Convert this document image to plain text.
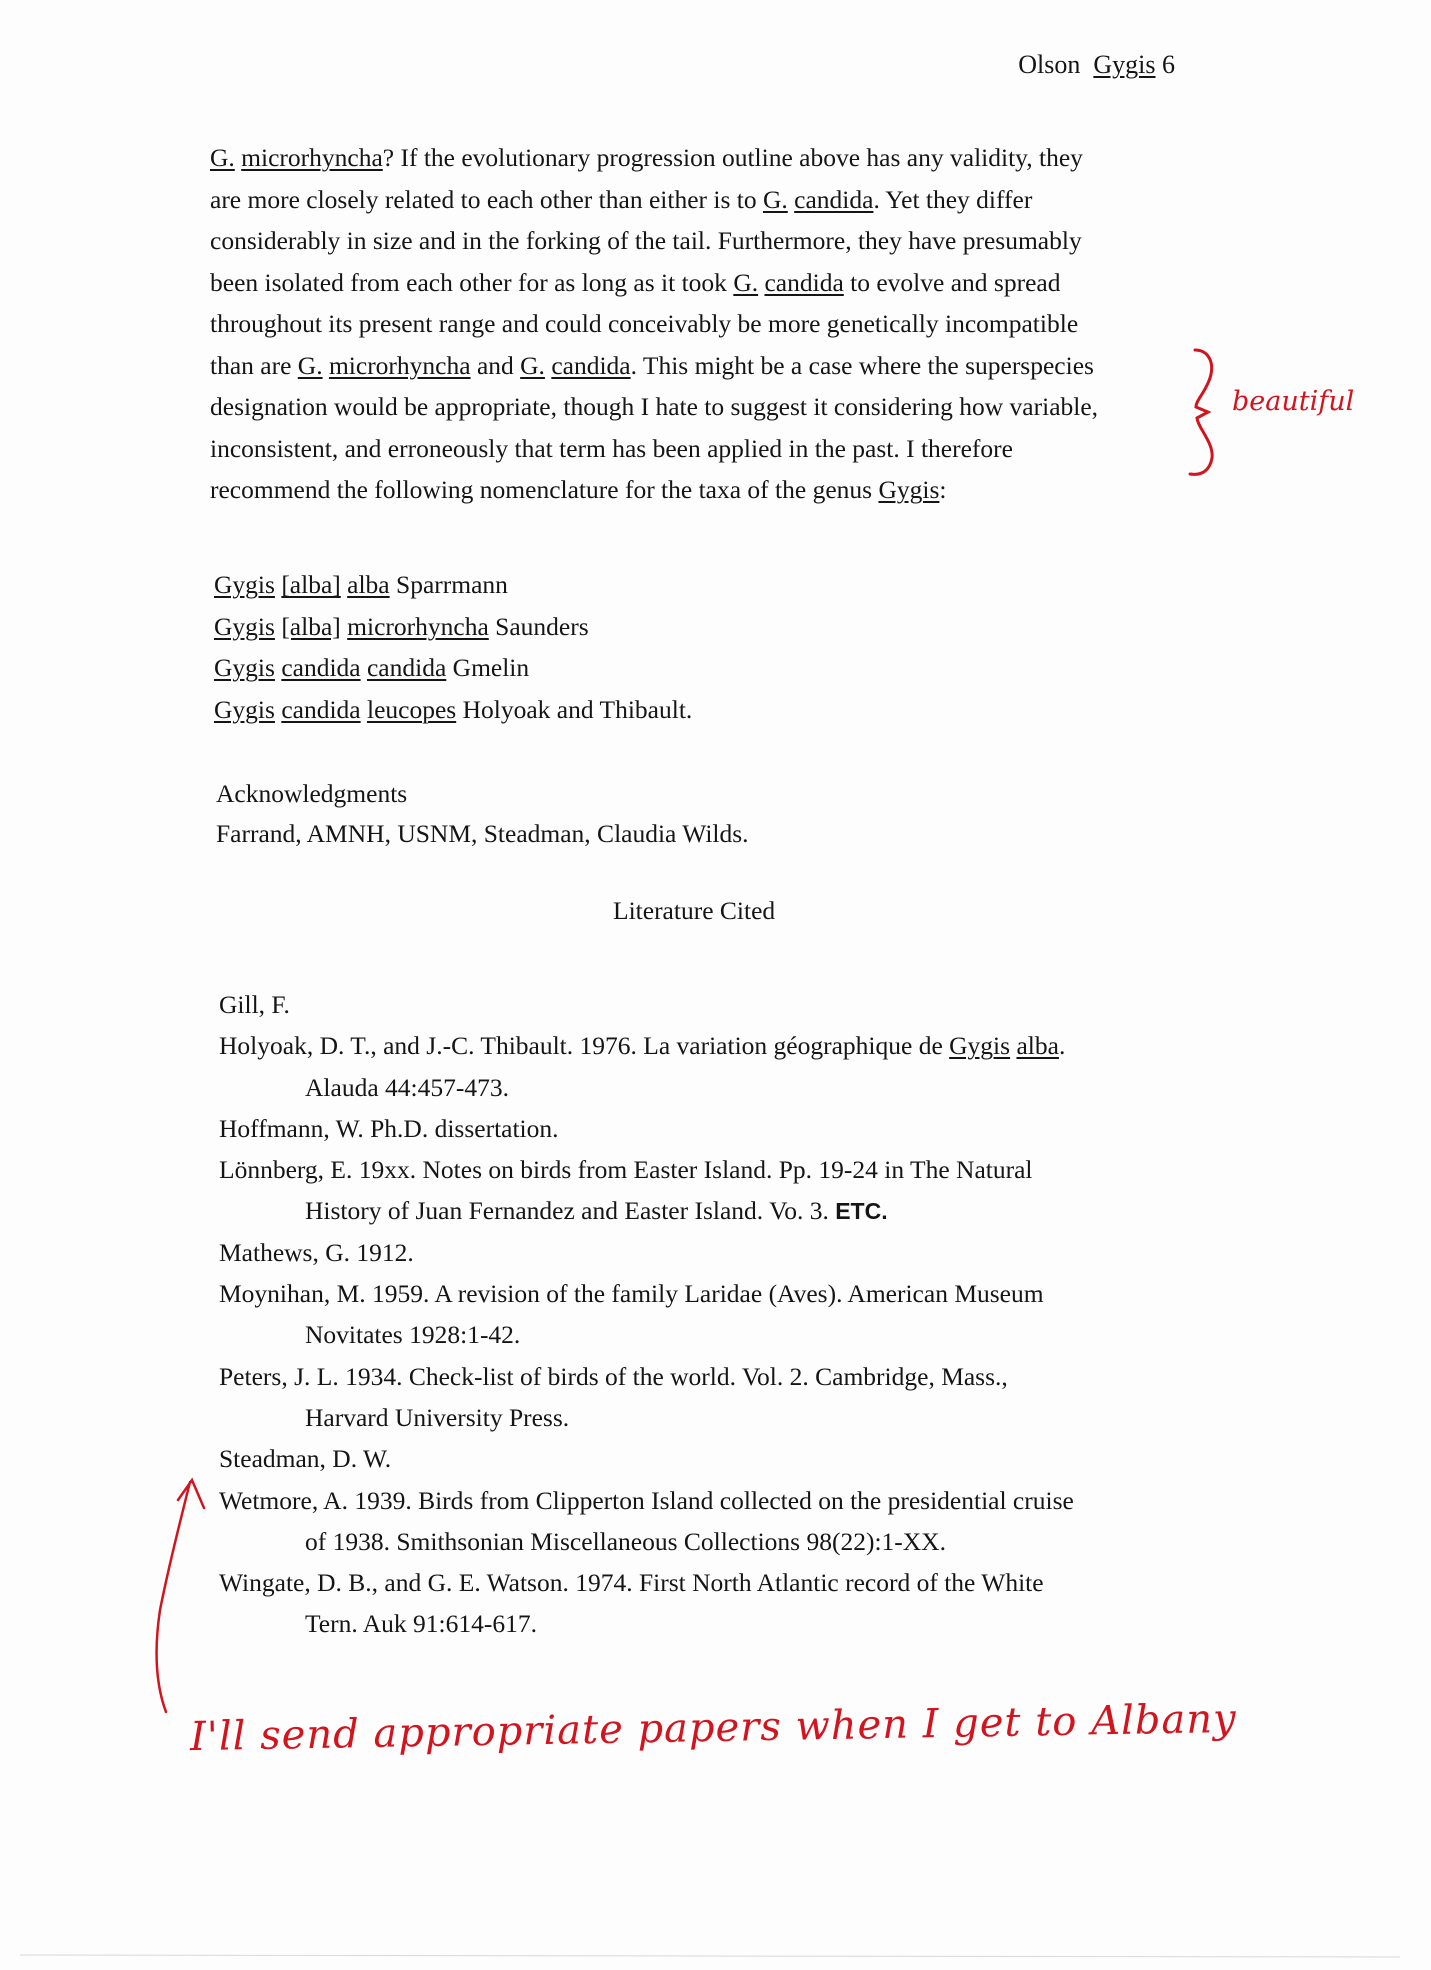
Olson Gygis 6
G. microrhyncha? If the evolutionary progression outline above has any validity, they
are more closely related to each other than either is to G. candida. Yet they differ
considerably in size and in the forking of the tail. Furthermore, they have presumably
been isolated from each other for as long as it took G. candida to evolve and spread
throughout its present range and could conceivably be more genetically incompatible
than are G. microrhyncha and G. candida. This might be a case where the superspecies
designation would be appropriate, though I hate to suggest it considering how variable,
inconsistent, and erroneously that term has been applied in the past. I therefore
recommend the following nomenclature for the taxa of the genus Gygis:
Gygis [alba] alba Sparrmann
Gygis [alba] microrhyncha Saunders
Gygis candida candida Gmelin
Gygis candida leucopes Holyoak and Thibault.
Acknowledgments
Farrand, AMNH, USNM, Steadman, Claudia Wilds.
Literature Cited
Gill, F.
Holyoak, D. T., and J.-C. Thibault. 1976. La variation géographique de Gygis alba.
Alauda 44:457-473.
Hoffmann, W. Ph.D. dissertation.
Lönnberg, E. 19xx. Notes on birds from Easter Island. Pp. 19-24 in The Natural
History of Juan Fernandez and Easter Island. Vo. 3. ETC.
Mathews, G. 1912.
Moynihan, M. 1959. A revision of the family Laridae (Aves). American Museum
Novitates 1928:1-42.
Peters, J. L. 1934. Check-list of birds of the world. Vol. 2. Cambridge, Mass.,
Harvard University Press.
Steadman, D. W.
Wetmore, A. 1939. Birds from Clipperton Island collected on the presidential cruise
of 1938. Smithsonian Miscellaneous Collections 98(22):1-XX.
Wingate, D. B., and G. E. Watson. 1974. First North Atlantic record of the White
Tern. Auk 91:614-617.
beautiful
I'll send appropriate papers when I get to Albany
